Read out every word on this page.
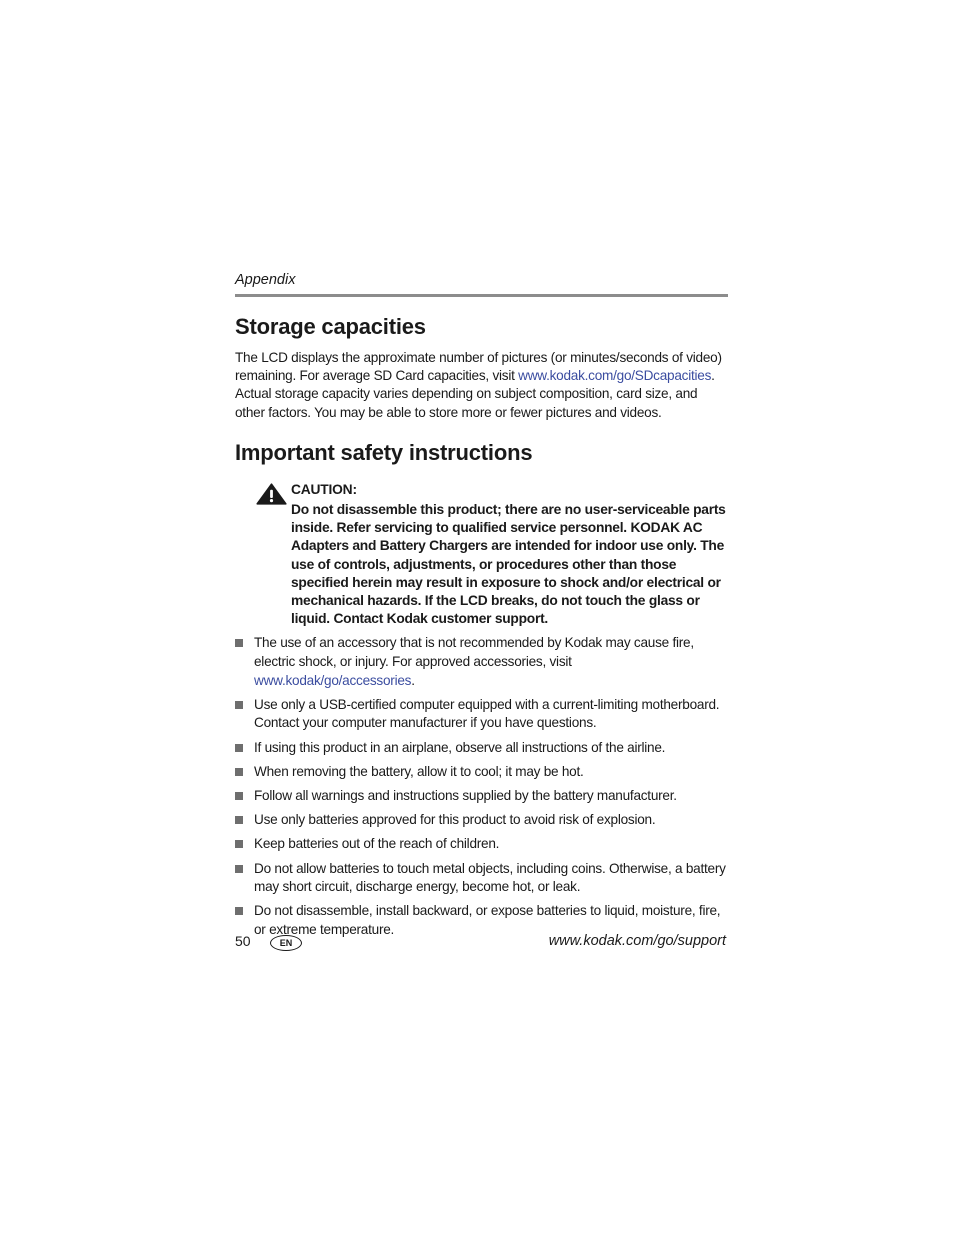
Appendix

Storage capacities

The LCD displays the approximate number of pictures (or minutes/seconds of video) remaining. For average SD Card capacities, visit www.kodak.com/go/SDcapacities. Actual storage capacity varies depending on subject composition, card size, and other factors. You may be able to store more or fewer pictures and videos.

Important safety instructions
CAUTION:
Do not disassemble this product; there are no user-serviceable parts inside. Refer servicing to qualified service personnel. KODAK AC Adapters and Battery Chargers are intended for indoor use only. The use of controls, adjustments, or procedures other than those specified herein may result in exposure to shock and/or electrical or mechanical hazards. If the LCD breaks, do not touch the glass or liquid. Contact Kodak customer support.
The use of an accessory that is not recommended by Kodak may cause fire, electric shock, or injury. For approved accessories, visit www.kodak/go/accessories.
Use only a USB-certified computer equipped with a current-limiting motherboard. Contact your computer manufacturer if you have questions.
If using this product in an airplane, observe all instructions of the airline.
When removing the battery, allow it to cool; it may be hot.
Follow all warnings and instructions supplied by the battery manufacturer.
Use only batteries approved for this product to avoid risk of explosion.
Keep batteries out of the reach of children.
Do not allow batteries to touch metal objects, including coins. Otherwise, a battery may short circuit, discharge energy, become hot, or leak.
Do not disassemble, install backward, or expose batteries to liquid, moisture, fire, or extreme temperature.
50	EN	www.kodak.com/go/support
